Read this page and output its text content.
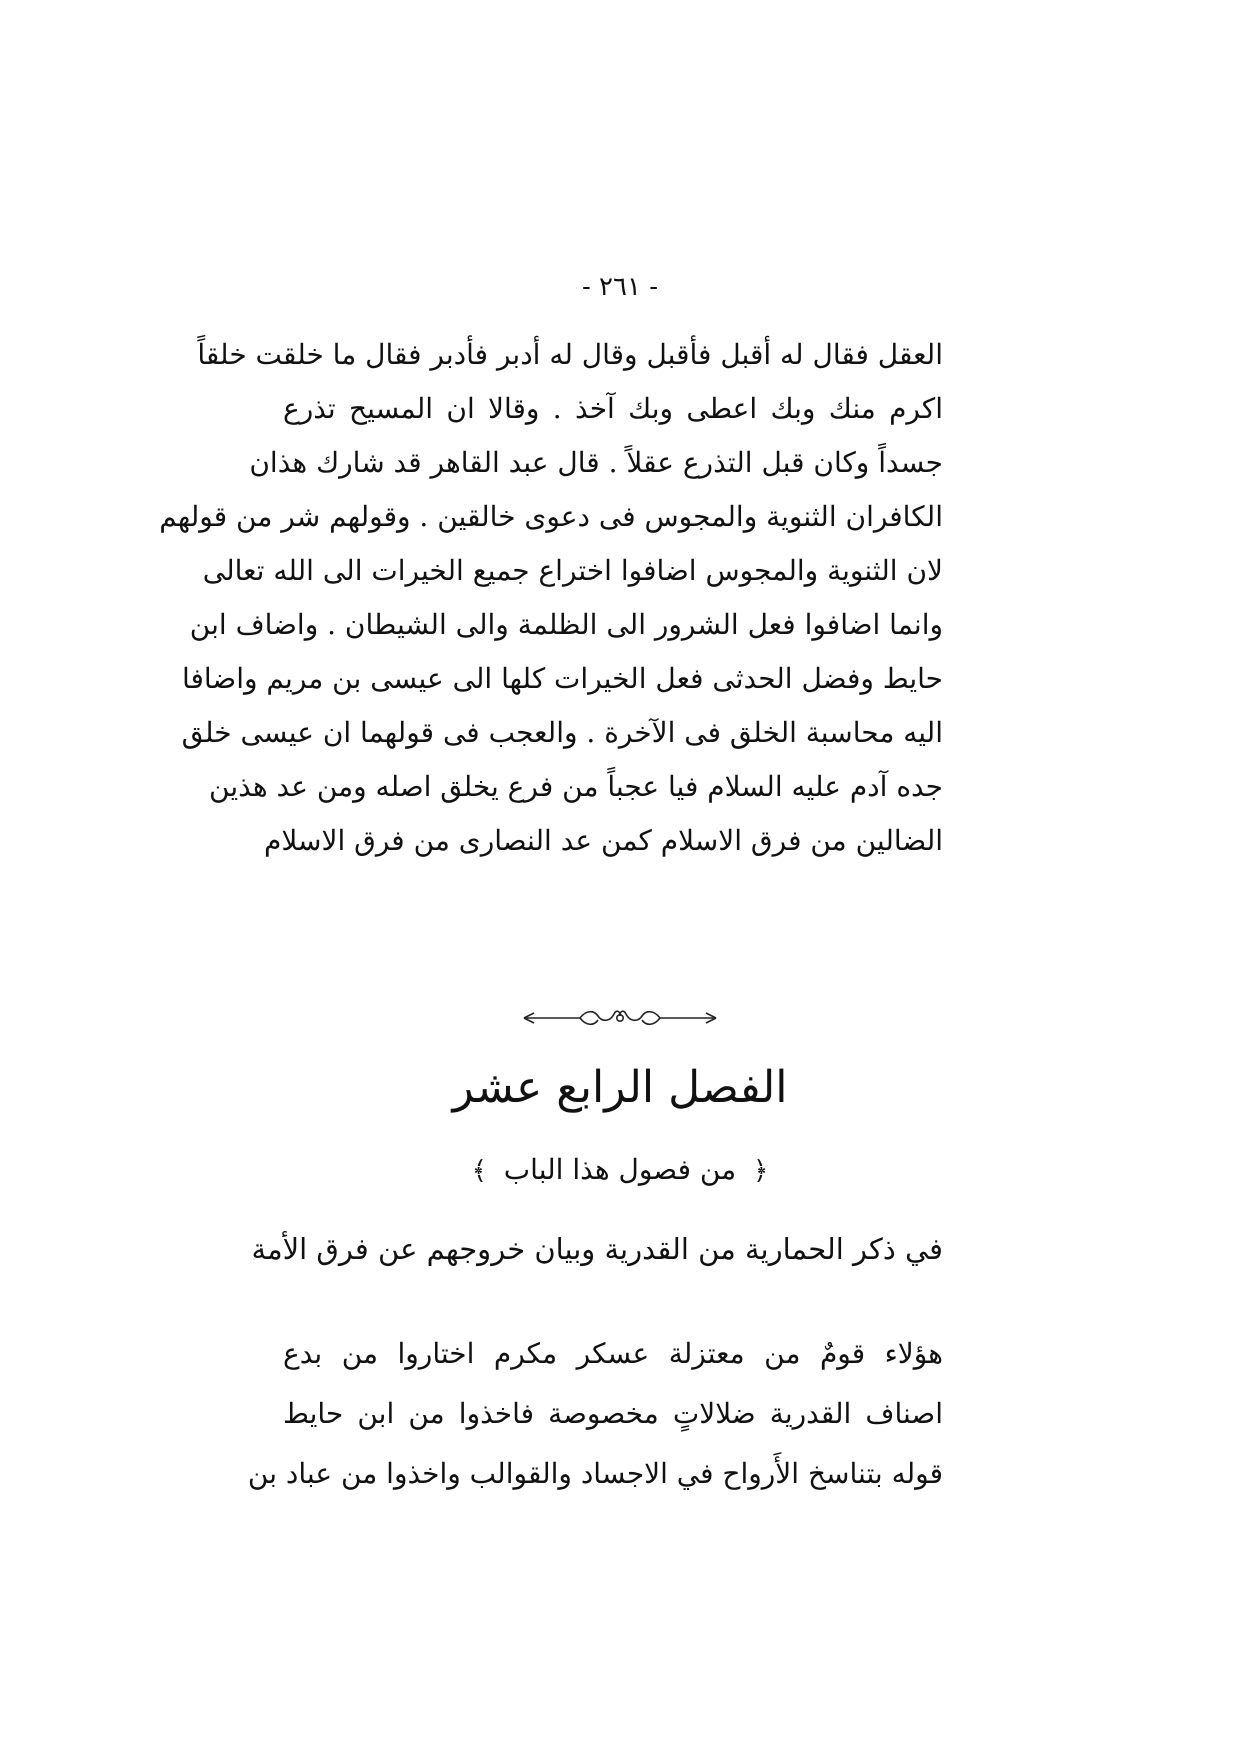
- ٢٦١ -
العقل فقال له أقبل فأقبل وقال له أدبر فأدبر فقال ما خلقت خلقاً
اكرم منك وبك اعطى وبك آخذ . وقالا ان المسيح تذرع
جسداً وكان قبل التذرع عقلاً . قال عبد القاهر قد شارك هذان
الكافران الثنوية والمجوس فى دعوى خالقين . وقولهم شر من قولهم
لان الثنوية والمجوس اضافوا اختراع جميع الخيرات الى الله تعالى
وانما اضافوا فعل الشرور الى الظلمة والى الشيطان . واضاف ابن
حايط وفضل الحدثى فعل الخيرات كلها الى عيسى بن مريم واضافا
اليه محاسبة الخلق فى الآخرة . والعجب فى قولهما ان عيسى خلق
جده آدم عليه السلام فيا عجباً من فرع يخلق اصله ومن عد هذين
الضالين من فرق الاسلام كمن عد النصارى من فرق الاسلام
الفصل الرابع عشر
﴿ من فصول هذا الباب ﴾
في ذكر الحمارية من القدرية وبيان خروجهم عن فرق الأمة
هؤلاء قومٌ من معتزلة عسكر مكرم اختاروا من بدع
اصناف القدرية ضلالاتٍ مخصوصة فاخذوا من ابن حايط
قوله بتناسخ الأَرواح في الاجساد والقوالب واخذوا من عباد بن
